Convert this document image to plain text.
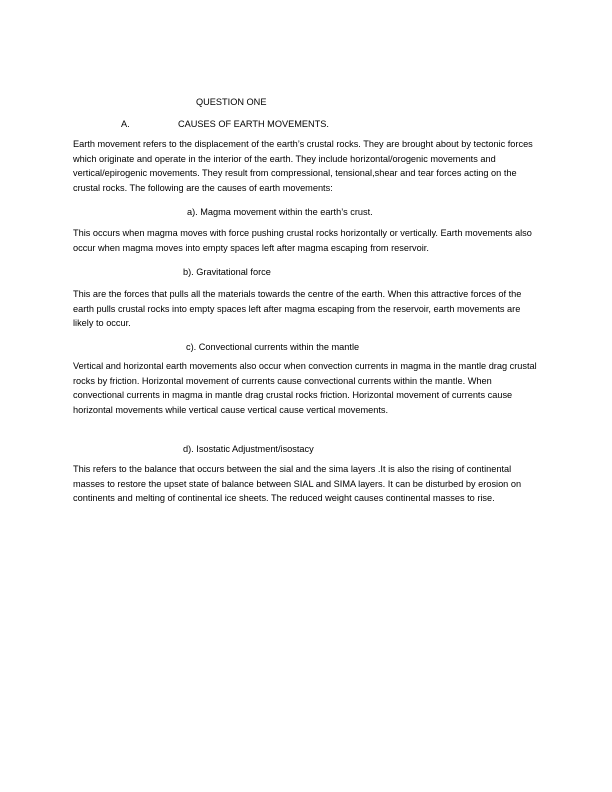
QUESTION ONE
A.	CAUSES OF EARTH MOVEMENTS.

Earth movement refers to the displacement of the earth’s crustal rocks. They are brought about by tectonic forces which originate and operate in the interior of the earth. They include horizontal/orogenic movements and vertical/epirogenic movements. They result from compressional, tensional,shear and tear forces acting on the crustal rocks. The following are the causes of earth movements:

a). Magma movement within the earth’s crust.

This occurs when magma moves with force pushing crustal rocks horizontally or vertically. Earth movements also occur when magma moves into empty spaces left after magma escaping from reservoir.

b). Gravitational force

This are the forces that pulls all the materials towards the centre of the earth. When this attractive forces of the earth pulls crustal rocks into empty spaces left after magma escaping from the reservoir, earth movements are likely to occur.

c). Convectional currents within the mantle

Vertical and horizontal earth movements also occur when convection currents in magma in the mantle drag crustal rocks by friction. Horizontal movement of currents cause convectional currents within the mantle. When convectional currents in magma in mantle drag crustal rocks friction. Horizontal movement of currents cause horizontal movements while vertical cause vertical cause vertical movements.

d). Isostatic Adjustment/isostacy

This refers to the balance that occurs between the sial and the sima layers .It is also the rising of continental masses to restore the upset state of balance between SIAL and SIMA layers. It can be disturbed by erosion on continents and melting of continental ice sheets. The reduced weight causes continental masses to rise.
